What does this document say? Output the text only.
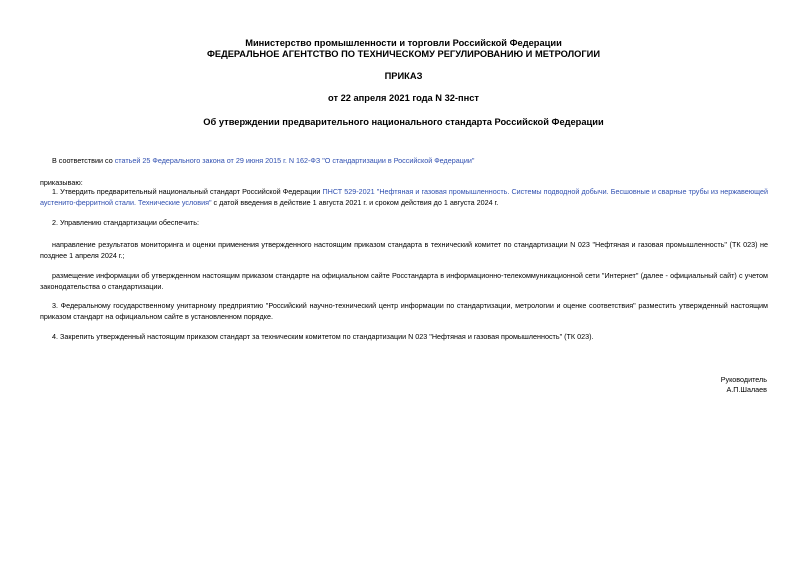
Министерство промышленности и торговли Российской Федерации
ФЕДЕРАЛЬНОЕ АГЕНТСТВО ПО ТЕХНИЧЕСКОМУ РЕГУЛИРОВАНИЮ И МЕТРОЛОГИИ
ПРИКАЗ
от 22 апреля 2021 года N 32-пнст
Об утверждении предварительного национального стандарта Российской Федерации
В соответствии со статьей 25 Федерального закона от 29 июня 2015 г. N 162-ФЗ "О стандартизации в Российской Федерации"
приказываю:
1. Утвердить предварительный национальный стандарт Российской Федерации ПНСТ 529-2021 "Нефтяная и газовая промышленность. Системы подводной добычи. Бесшовные и сварные трубы из нержавеющей аустенито-ферритной стали. Технические условия" с датой введения в действие 1 августа 2021 г. и сроком действия до 1 августа 2024 г.
2. Управлению стандартизации обеспечить:
направление результатов мониторинга и оценки применения утвержденного настоящим приказом стандарта в технический комитет по стандартизации N 023 "Нефтяная и газовая промышленность" (ТК 023) не позднее 1 апреля 2024 г.;
размещение информации об утвержденном настоящим приказом стандарте на официальном сайте Росстандарта в информационно-телекоммуникационной сети "Интернет" (далее - официальный сайт) с учетом законодательства о стандартизации.
3. Федеральному государственному унитарному предприятию "Российский научно-технический центр информации по стандартизации, метрологии и оценке соответствия" разместить утвержденный настоящим приказом стандарт на официальном сайте в установленном порядке.
4. Закрепить утвержденный настоящим приказом стандарт за техническим комитетом по стандартизации N 023 "Нефтяная и газовая промышленность" (ТК 023).
Руководитель
А.П.Шалаев
